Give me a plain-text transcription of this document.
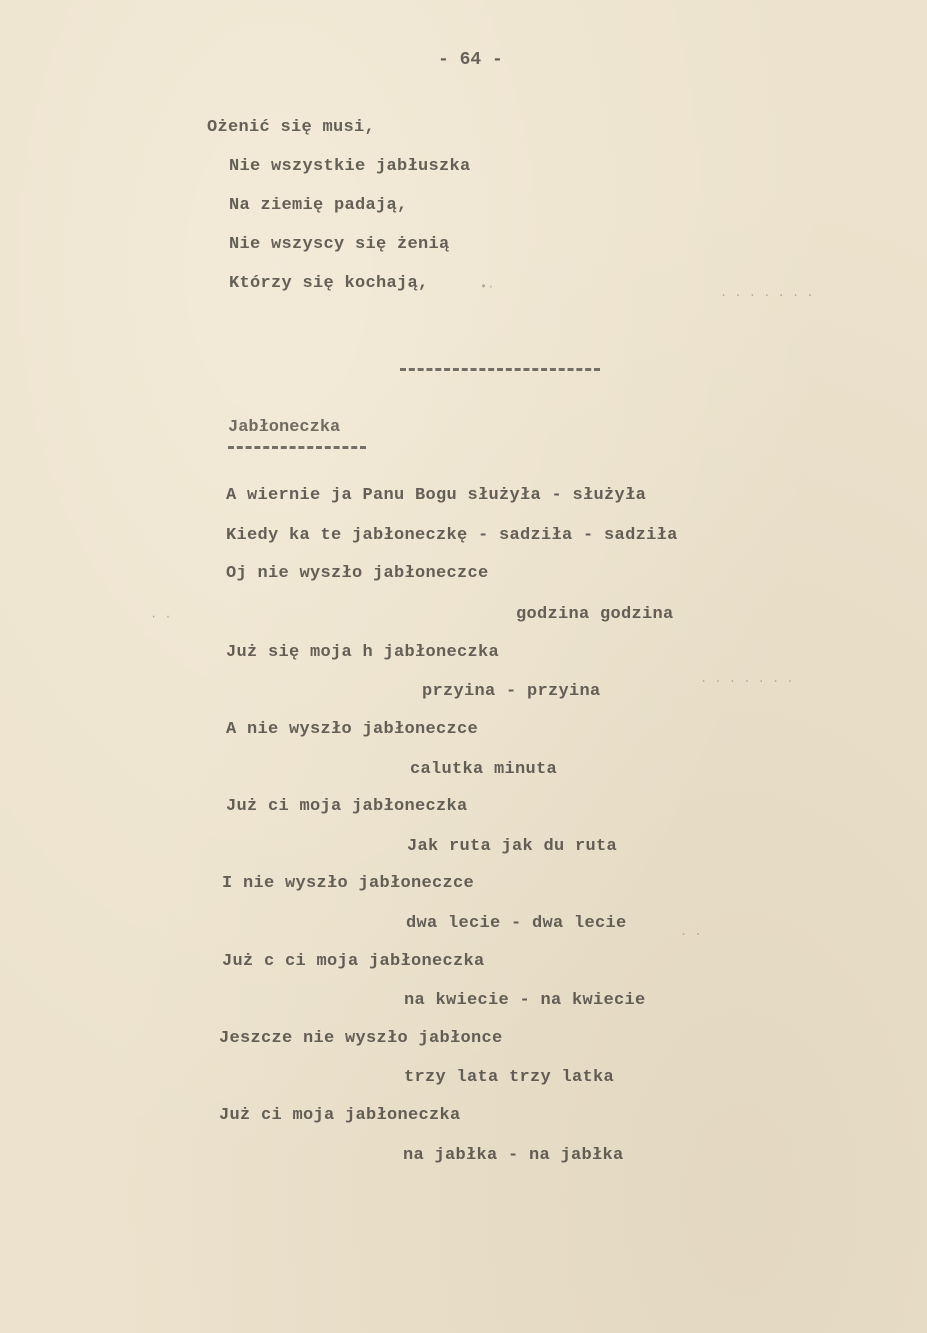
- 64 -
Ożenić się musi,
Nie wszystkie jabłuszka
Na ziemię padają,
Nie wszyscy się żenią
Którzy się kochają,
Jabłoneczka
A wiernie ja Panu Bogu służyła - służyła
Kiedy ka te jabłoneczkę - sadziła - sadziła
Oj nie wyszło jabłoneczce
godzina godzina
Już się moja h jabłoneczka
przyina - przyina
A nie wyszło jabłoneczce
calutka minuta
Już ci moja jabłoneczka
Jak ruta jak du ruta
I nie wyszło jabłoneczce
dwa lecie - dwa lecie
Już c ci moja jabłoneczka
na kwiecie - na kwiecie
Jeszcze nie wyszło jabłonce
trzy lata trzy latka
Już ci moja jabłoneczka
na jabłka - na jabłka
. . . . . . .
•·
. . . . . . .
· ·
. .
